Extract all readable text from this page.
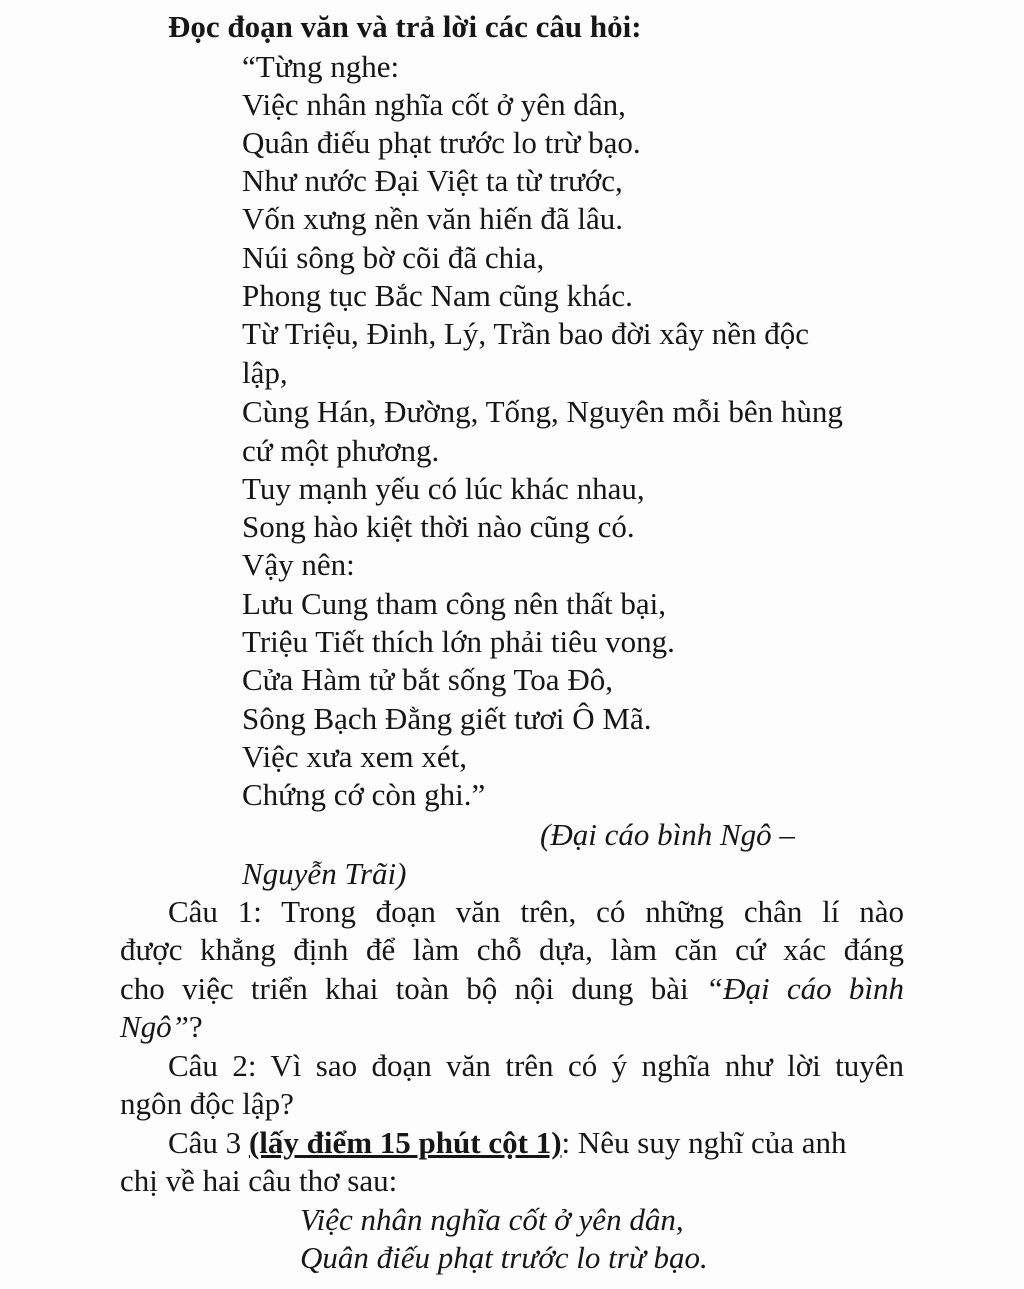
Đọc đoạn văn và trả lời các câu hỏi:
“Từng nghe:
Việc nhân nghĩa cốt ở yên dân,
Quân điếu phạt trước lo trừ bạo.
Như nước Đại Việt ta từ trước,
Vốn xưng nền văn hiến đã lâu.
Núi sông bờ cõi đã chia,
Phong tục Bắc Nam cũng khác.
Từ Triệu, Đinh, Lý, Trần bao đời xây nền độc
lập,
Cùng Hán, Đường, Tống, Nguyên mỗi bên hùng
cứ một phương.
Tuy mạnh yếu có lúc khác nhau,
Song hào kiệt thời nào cũng có.
Vậy nên:
Lưu Cung tham công nên thất bại,
Triệu Tiết thích lớn phải tiêu vong.
Cửa Hàm tử bắt sống Toa Đô,
Sông Bạch Đằng giết tươi Ô Mã.
Việc xưa xem xét,
Chứng cớ còn ghi.”
(Đại cáo bình Ngô –
Nguyễn Trãi)
Câu 1: Trong đoạn văn trên, có những chân lí nào
được khẳng định để làm chỗ dựa, làm căn cứ xác đáng
cho việc triển khai toàn bộ nội dung bài “Đại cáo bình
Ngô”?
Câu 2: Vì sao đoạn văn trên có ý nghĩa như lời tuyên
ngôn độc lập?
Câu 3 (lấy điểm 15 phút cột 1): Nêu suy nghĩ của anh
chị về hai câu thơ sau:
Việc nhân nghĩa cốt ở yên dân,
Quân điếu phạt trước lo trừ bạo.
